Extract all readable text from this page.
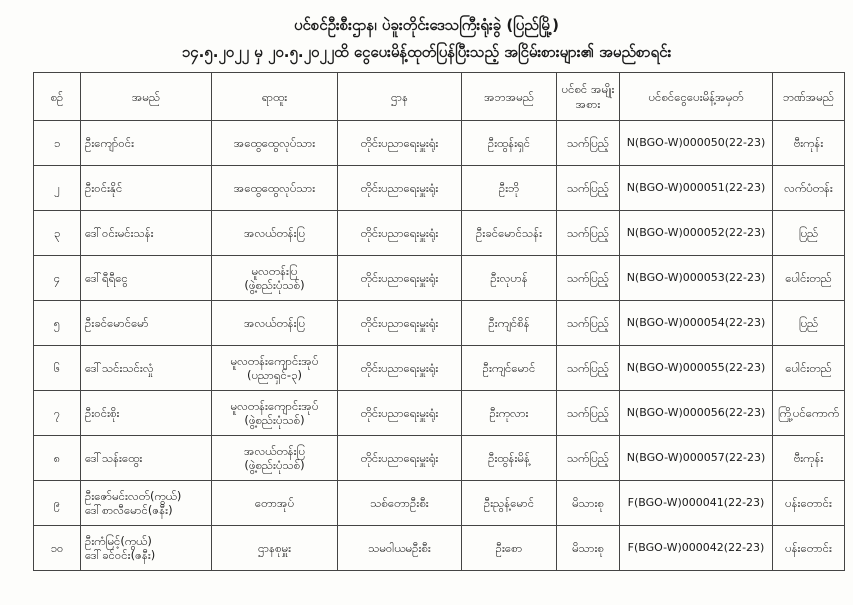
ပင်စင်ဦးစီးဌာန၊ ပဲခူးတိုင်းဒေသကြီးရုံးခွဲ (ပြည်မြို့)
၁၄.၅.၂၀၂၂ မှ ၂၀.၅.၂၀၂၂ထိ ငွေပေးမိန့်ထုတ်ပြန်ပြီးသည့် အငြိမ်းစားများ၏ အမည်စာရင်း
စဉ်	အမည်	ရာထူး	ဌာန	အဘအမည်	ပင်စင် အမျိုးအစား	ပင်စင်ငွေပေးမိန့်အမှတ်	ဘဏ်အမည်
၁	ဦးကျော်ဝင်း	အထွေထွေလုပ်သား	တိုင်းပညာရေးမှူးရုံး	ဦးထွန်းရှင်	သက်ပြည့်	N(BGO-W)000050(22-23)	ဗီးကုန်း
၂	ဦးဝင်းနိုင်	အထွေထွေလုပ်သား	တိုင်းပညာရေးမှူးရုံး	ဦးဘို	သက်ပြည့်	N(BGO-W)000051(22-23)	လက်ပံတန်း
၃	ဒေါ်ဝင်းမင်းသန်း	အလယ်တန်းပြ	တိုင်းပညာရေးမှူးရုံး	ဦးခင်မောင်သန်း	သက်ပြည့်	N(BGO-W)000052(22-23)	ပြည်
၄	ဒေါ်ရီရီငွေ	မူလတန်းပြ
(ဖွဲ့စည်းပုံသစ်)	တိုင်းပညာရေးမှူးရုံး	ဦးလုပာန်	သက်ပြည့်	N(BGO-W)000053(22-23)	ပေါင်းတည်
၅	ဦးခင်မောင်မော်	အလယ်တန်းပြ	တိုင်းပညာရေးမှူးရုံး	ဦးကျင်စိန်	သက်ပြည့်	N(BGO-W)000054(22-23)	ပြည်
၆	ဒေါ်သင်းသင်းလှုံ	မူလတန်းကျောင်းအုပ်
(ပညာရှင်-၃)	တိုင်းပညာရေးမှူးရုံး	ဦးကျင်မောင်	သက်ပြည့်	N(BGO-W)000055(22-23)	ပေါင်းတည်
၇	ဦးဝင်းစိုး	မူလတန်းကျောင်းအုပ်
(ဖွဲ့စည်းပုံသစ်)	တိုင်းပညာရေးမှူးရုံး	ဦးကုလား	သက်ပြည့်	N(BGO-W)000056(22-23)	ကြို့ပင်ကောက်
၈	ဒေါ်သန်းထွေး	အလယ်တန်းပြ
(ဖွဲ့စည်းပုံသစ်)	တိုင်းပညာရေးမှူးရုံး	ဦးထွန်းမိန့်	သက်ပြည့်	N(BGO-W)000057(22-23)	ဗီးကုန်း
၉	ဦးဇော်မင်းလတ်(ကွယ်)
ဒေါ်စာလီမောင်(ဇနီး)	တောအုပ်	သစ်တောဦးစီး	ဦးညွန့်မောင်	မိသားစု	F(BGO-W)000041(22-23)	ပန်းတောင်း
၁၀	ဦးကံမြင့်(ကွယ်)
ဒေါ်ခင်ဝင်း(ဇနီး)	ဌာနစုမှူး	သမဝါယမဦးစီး	ဦးစော	မိသားစု	F(BGO-W)000042(22-23)	ပန်းတောင်း
